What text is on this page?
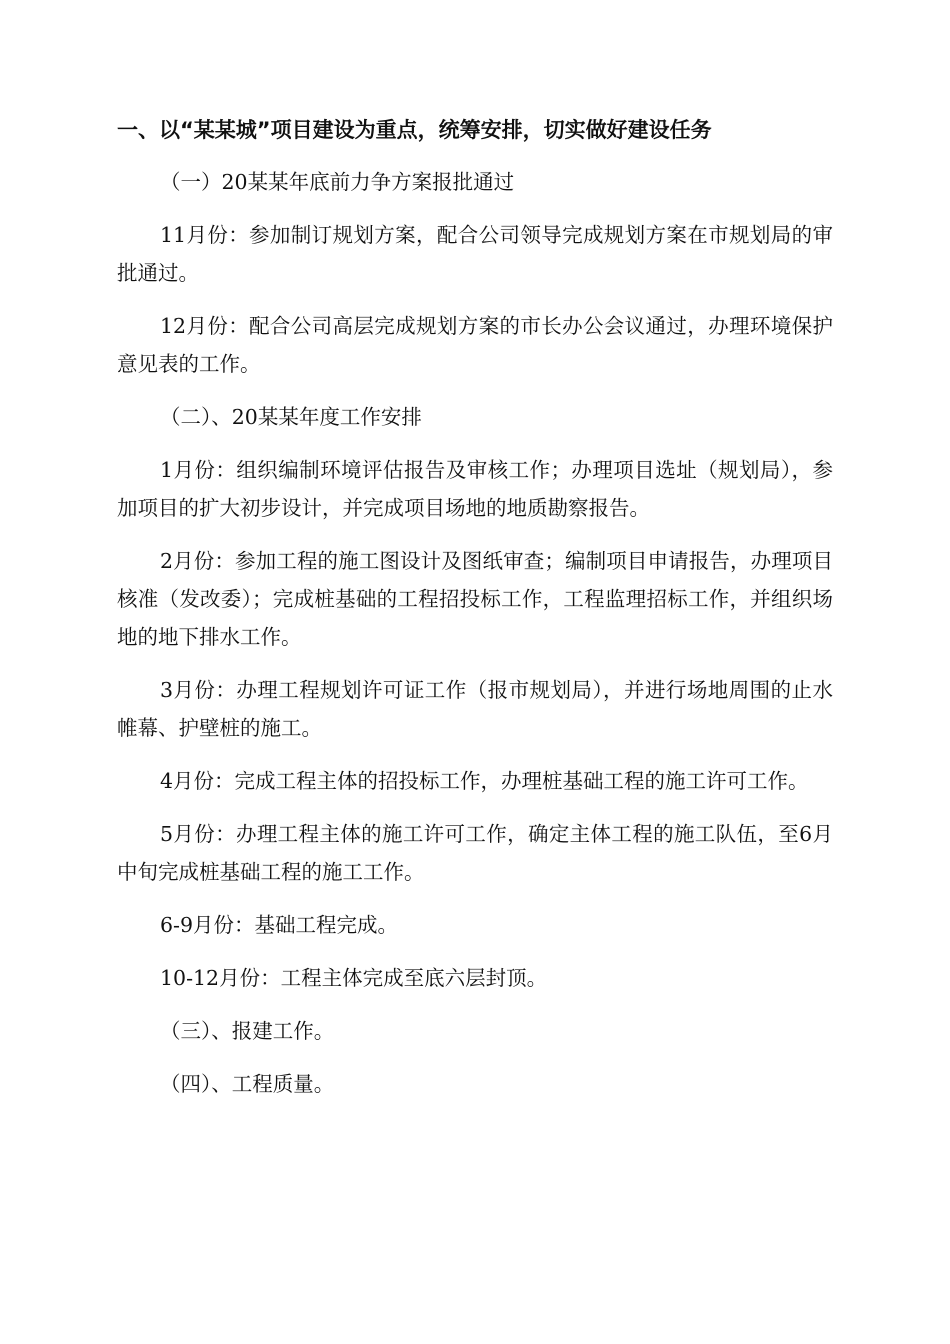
一、以“某某城”项目建设为重点，统筹安排，切实做好建设任务
（一）20某某年底前力争方案报批通过
11月份：参加制订规划方案，配合公司领导完成规划方案在市规划局的审批通过。
12月份：配合公司高层完成规划方案的市长办公会议通过，办理环境保护意见表的工作。
（二）、20某某年度工作安排
1月份：组织编制环境评估报告及审核工作；办理项目选址（规划局），参加项目的扩大初步设计，并完成项目场地的地质勘察报告。
2月份：参加工程的施工图设计及图纸审查；编制项目申请报告，办理项目核准（发改委）；完成桩基础的工程招投标工作，工程监理招标工作，并组织场地的地下排水工作。
3月份：办理工程规划许可证工作（报市规划局），并进行场地周围的止水帷幕、护壁桩的施工。
4月份：完成工程主体的招投标工作，办理桩基础工程的施工许可工作。
5月份：办理工程主体的施工许可工作，确定主体工程的施工队伍，至6月中旬完成桩基础工程的施工工作。
6-9月份：基础工程完成。
10-12月份：工程主体完成至底六层封顶。
（三）、报建工作。
（四）、工程质量。
